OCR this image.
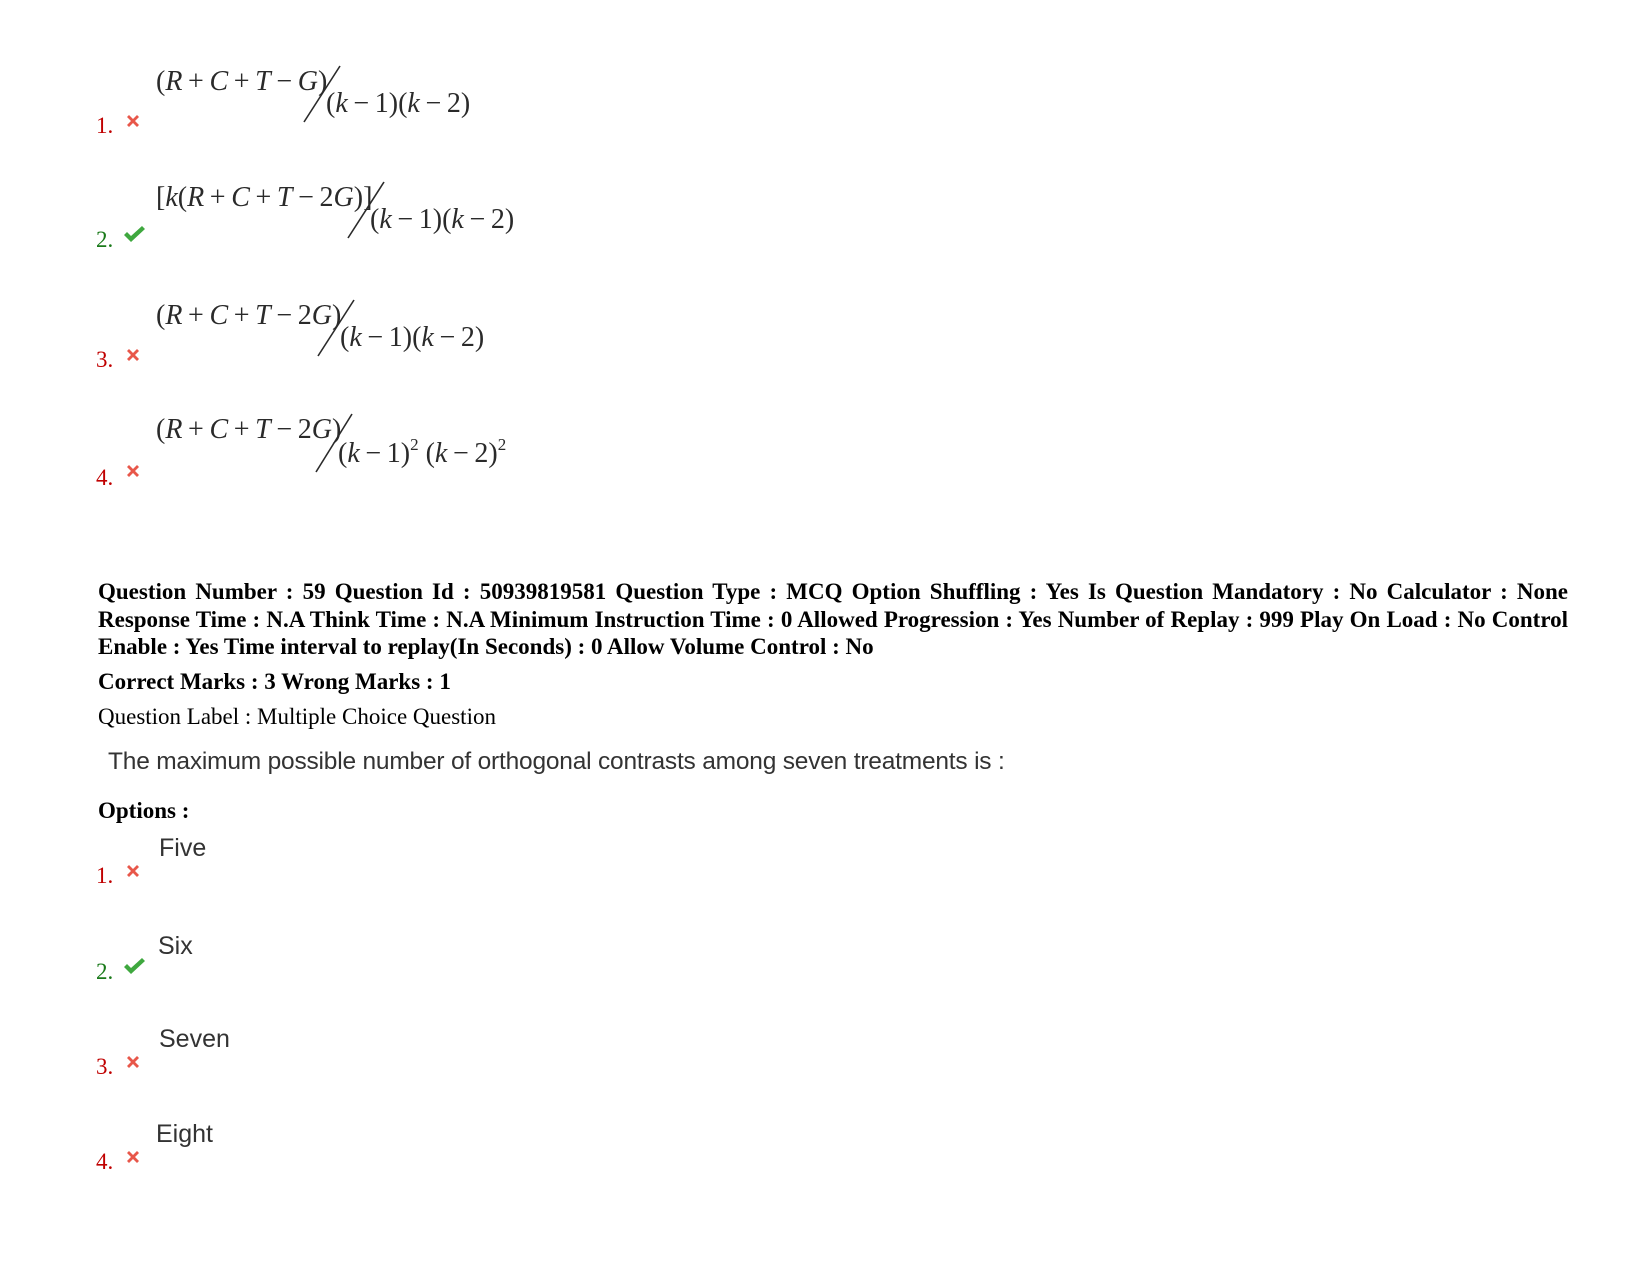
1.
(R + C + T − G)
(k − 1)(k − 2)
2.
[k(R + C + T − 2G)]
(k − 1)(k − 2)
3.
(R + C + T − 2G)
(k − 1)(k − 2)
4.
(R + C + T − 2G)
$(k - 1)^2$ $(k - 2)^2$

Question Number : 59 Question Id : 50939819581 Question Type : MCQ Option Shuffling : Yes Is Question Mandatory : No Calculator : None Response Time : N.A Think Time : N.A Minimum Instruction Time : 0 Allowed Progression : Yes Number of Replay : 999 Play On Load : No Control Enable : Yes Time interval to replay(In Seconds) : 0 Allow Volume Control : No

Correct Marks : 3 Wrong Marks : 1

Question Label : Multiple Choice Question

The maximum possible number of orthogonal contrasts among seven treatments is :

Options :

1.
Five
2.
Six
3.
Seven
4.
Eight
